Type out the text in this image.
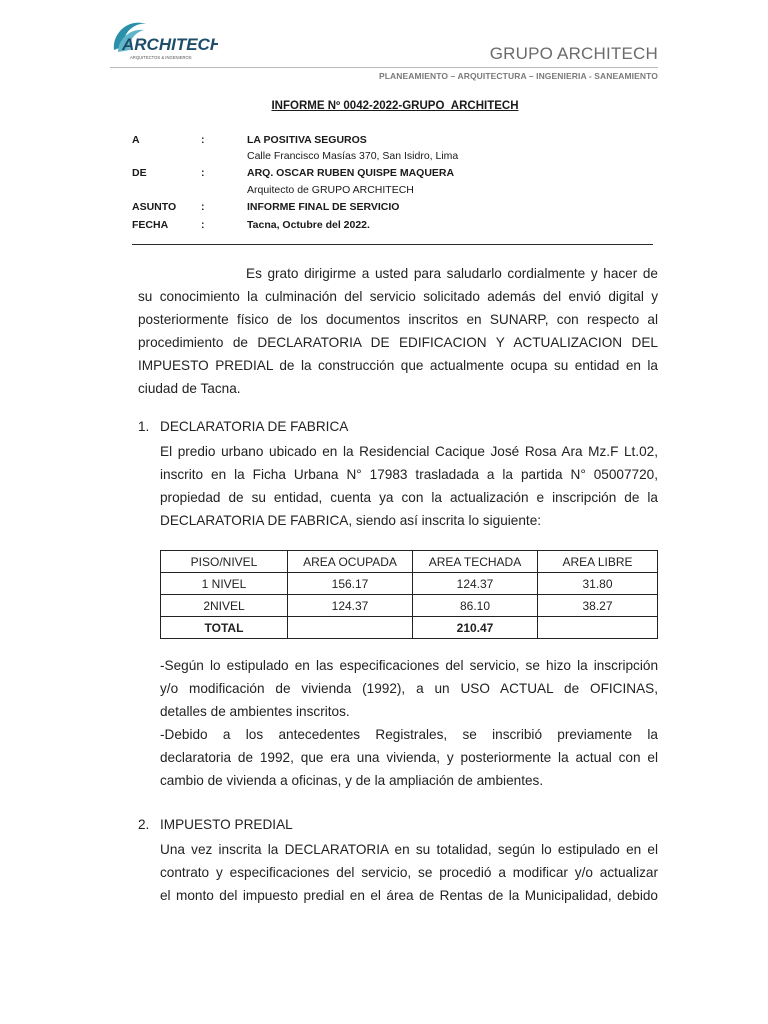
ARCHITECH
ARQUITECTOS & INGENIEROS	GRUPO ARCHITECH
PLANEAMIENTO – ARQUITECTURA – INGENIERIA - SANEAMIENTO
INFORME Nº 0042-2022-GRUPO_ARCHITECH
A	:	LA POSITIVA SEGUROS
Calle Francisco Masías 370, San Isidro, Lima
DE	:	ARQ. OSCAR RUBEN QUISPE MAQUERA
Arquitecto de GRUPO ARCHITECH
ASUNTO :	INFORME FINAL DE SERVICIO
FECHA	:	Tacna, Octubre del 2022.
Es grato dirigirme a usted para saludarlo cordialmente y hacer de
su conocimiento la culminación del servicio solicitado además del envió digital y
posteriormente físico de los documentos inscritos en SUNARP, con respecto al
procedimiento de DECLARATORIA DE EDIFICACION Y ACTUALIZACION DEL
IMPUESTO PREDIAL de la construcción que actualmente ocupa su entidad en la
ciudad de Tacna.
1. DECLARATORIA DE FABRICA
El predio urbano ubicado en la Residencial Cacique José Rosa Ara Mz.F Lt.02,
inscrito en la Ficha Urbana N° 17983 trasladada a la partida N° 05007720,
propiedad de su entidad, cuenta ya con la actualización e inscripción de la
DECLARATORIA DE FABRICA, siendo así inscrita lo siguiente:
PISO/NIVEL	AREA OCUPADA	AREA TECHADA	AREA LIBRE
1 NIVEL	156.17	124.37	31.80
2NIVEL	124.37	86.10	38.27
TOTAL		210.47	
-Según lo estipulado en las especificaciones del servicio, se hizo la inscripción
y/o modificación de vivienda (1992), a un USO ACTUAL de OFICINAS,
detalles de ambientes inscritos.
-Debido a los antecedentes Registrales, se inscribió previamente la
declaratoria de 1992, que era una vivienda, y posteriormente la actual con el
cambio de vivienda a oficinas, y de la ampliación de ambientes.
2. IMPUESTO PREDIAL
Una vez inscrita la DECLARATORIA en su totalidad, según lo estipulado en el
contrato y especificaciones del servicio, se procedió a modificar y/o actualizar
el monto del impuesto predial en el área de Rentas de la Municipalidad, debido
